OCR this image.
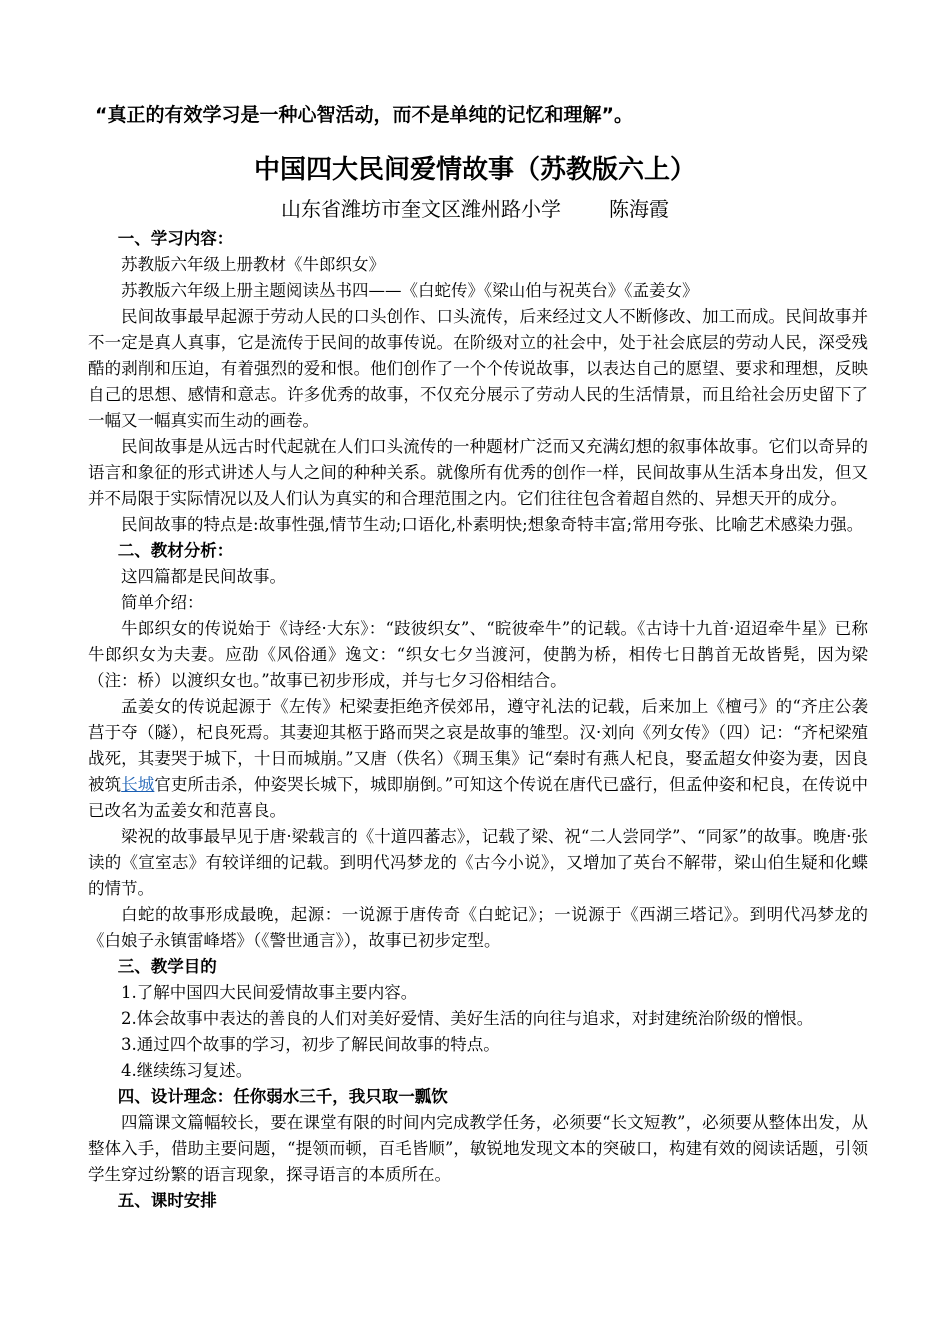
“真正的有效学习是一种心智活动，而不是单纯的记忆和理解”。
中国四大民间爱情故事（苏教版六上）
山东省潍坊市奎文区潍州路小学 陈海霞

一、学习内容：

苏教版六年级上册教材《牛郎织女》

苏教版六年级上册主题阅读丛书四——《白蛇传》《梁山伯与祝英台》《孟姜女》

民间故事最早起源于劳动人民的口头创作、口头流传，后来经过文人不断修改、加工而成。民间故事并不一定是真人真事，它是流传于民间的故事传说。在阶级对立的社会中，处于社会底层的劳动人民，深受残酷的剥削和压迫，有着强烈的爱和恨。他们创作了一个个传说故事，以表达自己的愿望、要求和理想，反映自己的思想、感情和意志。许多优秀的故事，不仅充分展示了劳动人民的生活情景，而且给社会历史留下了一幅又一幅真实而生动的画卷。

民间故事是从远古时代起就在人们口头流传的一种题材广泛而又充满幻想的叙事体故事。它们以奇异的语言和象征的形式讲述人与人之间的种种关系。就像所有优秀的创作一样，民间故事从生活本身出发，但又并不局限于实际情况以及人们认为真实的和合理范围之内。它们往往包含着超自然的、异想天开的成分。

民间故事的特点是:故事性强,情节生动;口语化,朴素明快;想象奇特丰富;常用夸张、比喻艺术感染力强。

二、教材分析：

这四篇都是民间故事。

简单介绍：

牛郎织女的传说始于《诗经·大东》：“跂彼织女”、“睆彼牵牛”的记载。《古诗十九首·迢迢牵牛星》已称牛郎织女为夫妻。应劭《风俗通》逸文：“织女七夕当渡河，使鹊为桥，相传七日鹊首无故皆髡，因为梁（注：桥）以渡织女也。”故事已初步形成，并与七夕习俗相结合。

孟姜女的传说起源于《左传》杞梁妻拒绝齐侯郊吊，遵守礼法的记载，后来加上《檀弓》的“齐庄公袭莒于夺（隧），杞良死焉。其妻迎其柩于路而哭之哀是故事的雏型。汉·刘向《列女传》（四）记：“齐杞梁殖战死，其妻哭于城下，十日而城崩。”又唐（佚名）《琱玉集》记“秦时有燕人杞良，娶孟超女仲姿为妻，因良被筑长城官吏所击杀，仲姿哭长城下，城即崩倒。”可知这个传说在唐代已盛行，但孟仲姿和杞良，在传说中已改名为孟姜女和范喜良。

梁祝的故事最早见于唐·梁载言的《十道四蕃志》，记载了梁、祝“二人尝同学”、“同冢”的故事。晚唐·张读的《宣室志》有较详细的记载。到明代冯梦龙的《古今小说》，又增加了英台不解带，梁山伯生疑和化蝶的情节。

白蛇的故事形成最晚，起源：一说源于唐传奇《白蛇记》；一说源于《西湖三塔记》。到明代冯梦龙的《白娘子永镇雷峰塔》（《警世通言》），故事已初步定型。

三、教学目的

1.了解中国四大民间爱情故事主要内容。

2.体会故事中表达的善良的人们对美好爱情、美好生活的向往与追求，对封建统治阶级的憎恨。

3.通过四个故事的学习，初步了解民间故事的特点。

4.继续练习复述。

四、设计理念：任你弱水三千，我只取一瓢饮

四篇课文篇幅较长，要在课堂有限的时间内完成教学任务，必须要“长文短教”，必须要从整体出发，从整体入手，借助主要问题，“提领而顿，百毛皆顺”，敏锐地发现文本的突破口，构建有效的阅读话题，引领学生穿过纷繁的语言现象，探寻语言的本质所在。

五、课时安排
